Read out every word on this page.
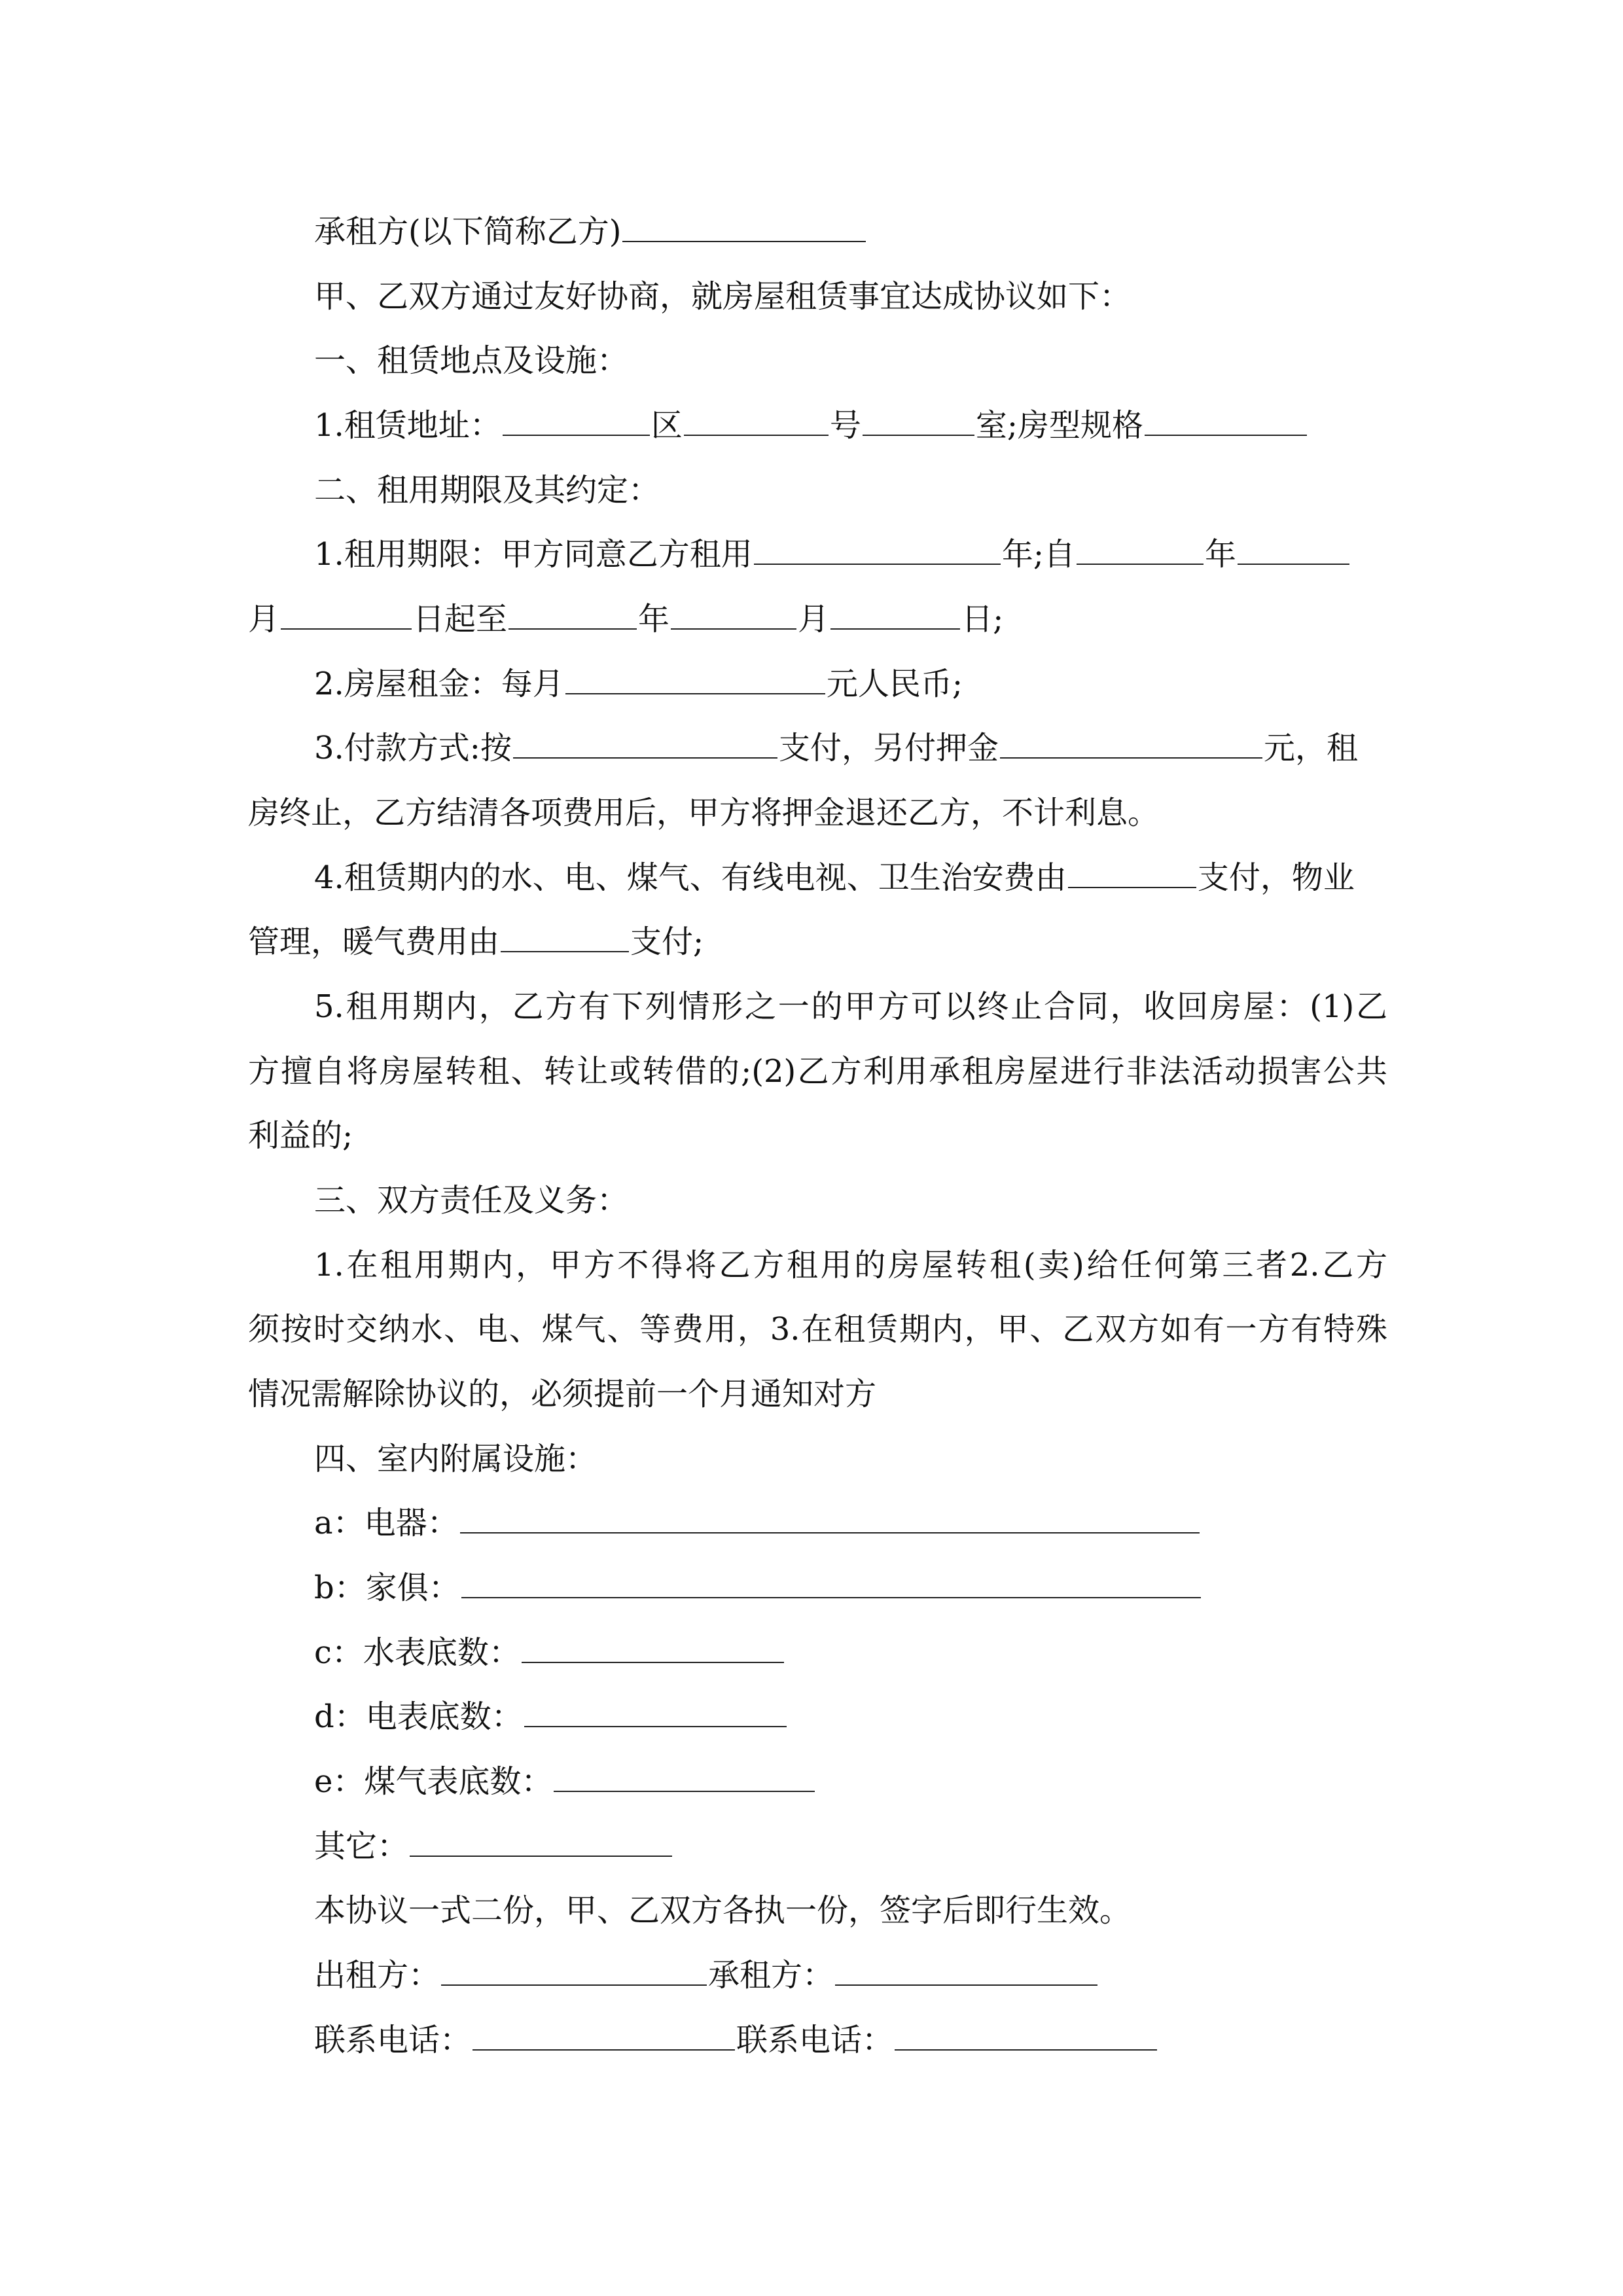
承租方(以下简称乙方)
甲、乙双方通过友好协商，就房屋租赁事宜达成协议如下：
一、租赁地点及设施：
1.租赁地址：	区	号	室;房型规格
二、租用期限及其约定：
1.租用期限：甲方同意乙方租用	年;自	年
月	日起至	年	月	日;
2.房屋租金：每月	元人民币;
3.付款方式:按	支付，另付押金	元，租
房终止，乙方结清各项费用后，甲方将押金退还乙方，不计利息。
4.租赁期内的水、电、煤气、有线电视、卫生治安费由	支付，物业
管理，暖气费用由	支付;
5.租用期内，乙方有下列情形之一的甲方可以终止合同，收回房屋：(1)乙
方擅自将房屋转租、转让或转借的;(2)乙方利用承租房屋进行非法活动损害公共
利益的;
三、双方责任及义务：
1.在租用期内，甲方不得将乙方租用的房屋转租(卖)给任何第三者2.乙方
须按时交纳水、电、煤气、等费用，3.在租赁期内，甲、乙双方如有一方有特殊
情况需解除协议的，必须提前一个月通知对方
四、室内附属设施：
a：电器：
b：家俱：
c：水表底数：
d：电表底数：
e：煤气表底数：
其它：
本协议一式二份，甲、乙双方各执一份，签字后即行生效。
出租方：	承租方：
联系电话：	联系电话：
